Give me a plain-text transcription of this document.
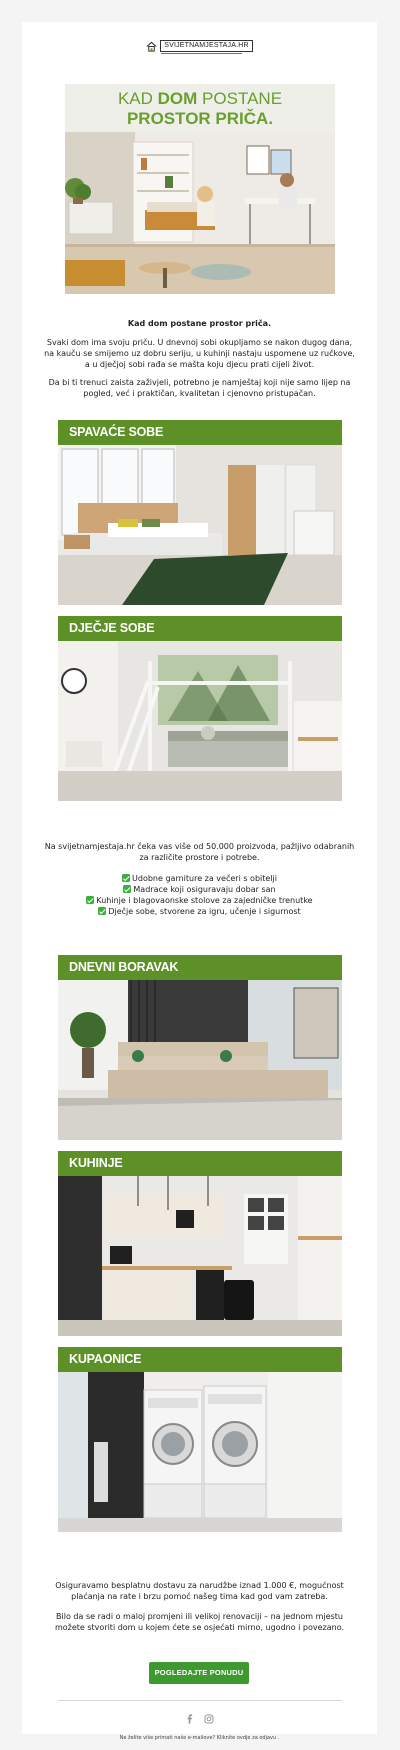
SVIJETNAMJESTAJA.HR
KAD DOM POSTANE
PROSTOR PRIČA.
Kad dom postane prostor priča.

Svaki dom ima svoju priču. U dnevnoj sobi okupljamo se nakon dugog dana, na kauču se smijemo uz dobru seriju, u kuhinji nastaju uspomene uz ručkove, a u dječjoj sobi rađa se mašta koju djecu prati cijeli život.

Da bi ti trenuci zaista zaživjeli, potrebno je namještaj koji nije samo lijep na pogled, već i praktičan, kvalitetan i cjenovno pristupačan.

SPAVAĆE SOBE
DJEČJE SOBE

Na svijetnamjestaja.hr čeka vas više od 50.000 proizvoda, pažljivo odabranih za različite prostore i potrebe.

Udobne garniture za večeri s obitelji
Madrace koji osiguravaju dobar san
Kuhinje i blagovaonske stolove za zajedničke trenutke
Dječje sobe, stvorene za igru, učenje i sigurnost
DNEVNI BORAVAK
KUHINJE
KUPAONICE

Osiguravamo besplatnu dostavu za narudžbe iznad 1.000 €, mogućnost plaćanja na rate i brzu pomoć našeg tima kad god vam zatreba.

Bilo da se radi o maloj promjeni ili velikoj renovaciji – na jednom mjestu možete stvoriti dom u kojem ćete se osjećati mirno, ugodno i povezano.

POGLEDAJTE PONUDU
Ne želite više primati naše e-mailove? Kliknite ovdje za odjavu .
